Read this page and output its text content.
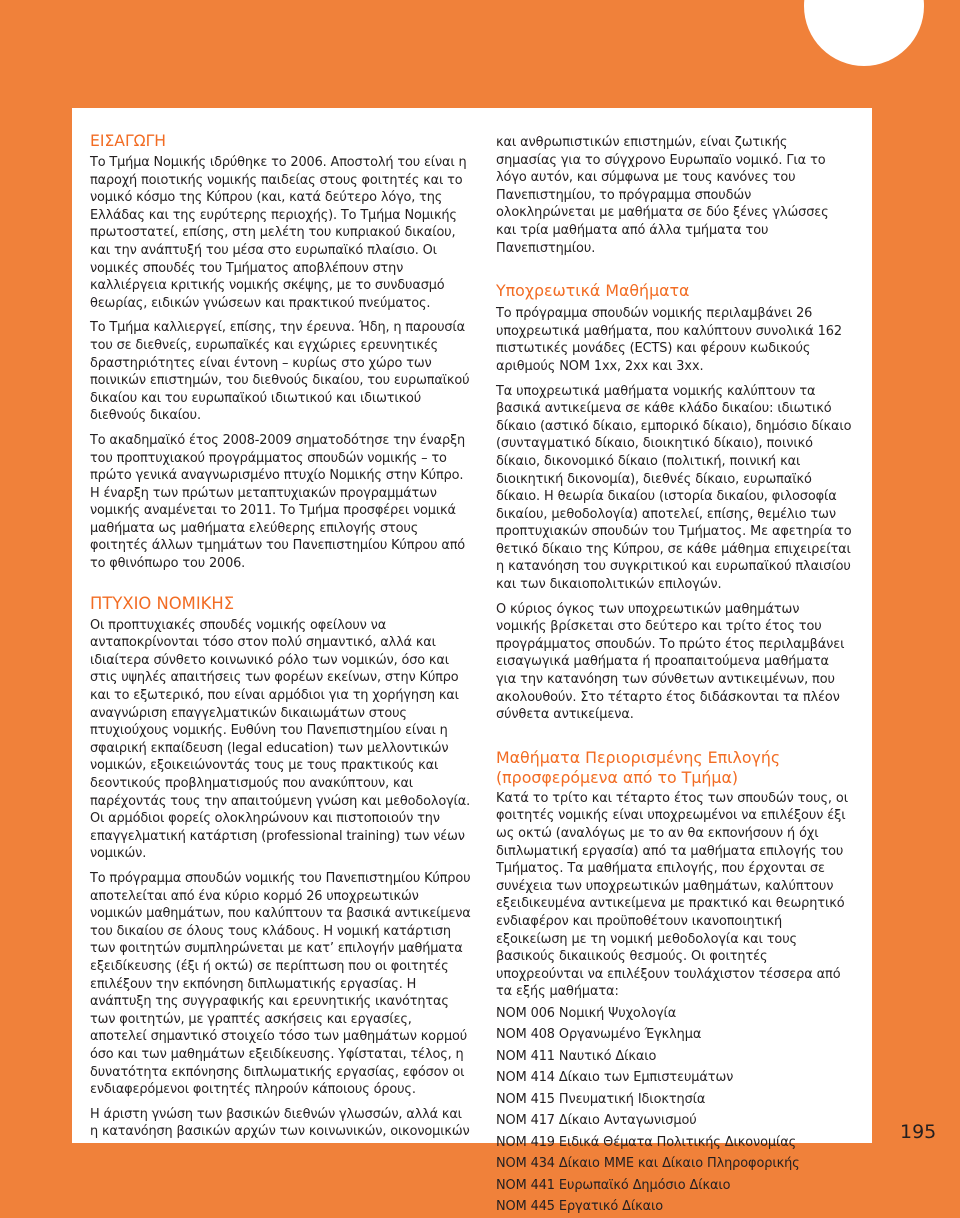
ΕΙΣΑΓΩΓΗ

Το Τμήμα Νομικής ιδρύθηκε το 2006. Αποστολή του είναι η παροχή ποιοτικής νομικής παιδείας στους φοιτητές και το νομικό κόσμο της Κύπρου (και, κατά δεύτερο λόγο, της Ελλάδας και της ευρύτερης περιοχής). Το Τμήμα Νομικής πρωτοστατεί, επίσης, στη μελέτη του κυπριακού δικαίου, και την ανάπτυξή του μέσα στο ευρωπαϊκό πλαίσιο. Οι νομικές σπουδές του Τμήματος αποβλέπουν στην καλλιέργεια κριτικής νομικής σκέψης, με το συνδυασμό θεωρίας, ειδικών γνώσεων και πρακτικού πνεύματος.

Το Τμήμα καλλιεργεί, επίσης, την έρευνα. Ήδη, η παρουσία του σε διεθνείς, ευρωπαϊκές και εγχώριες ερευνητικές δραστηριότητες είναι έντονη – κυρίως στο χώρο των ποινικών επιστημών, του διεθνούς δικαίου, του ευρωπαϊκού δικαίου και του ευρωπαϊκού ιδιωτικού και ιδιωτικού διεθνούς δικαίου.

Το ακαδημαϊκό έτος 2008-2009 σηματοδότησε την έναρξη του προπτυχιακού προγράμματος σπουδών νομικής – το πρώτο γενικά αναγνωρισμένο πτυχίο Νομικής στην Κύπρο. Η έναρξη των πρώτων μεταπτυχιακών προγραμμάτων νομικής αναμένεται το 2011. Το Τμήμα προσφέρει νομικά μαθήματα ως μαθήματα ελεύθερης επιλογής στους φοιτητές άλλων τμημάτων του Πανεπιστημίου Κύπρου από το φθινόπωρο του 2006.

ΠΤΥΧΙΟ ΝΟΜΙΚΗΣ

Οι προπτυχιακές σπουδές νομικής οφείλουν να ανταποκρίνονται τόσο στον πολύ σημαντικό, αλλά και ιδιαίτερα σύνθετο κοινωνικό ρόλο των νομικών, όσο και στις υψηλές απαιτήσεις των φορέων εκείνων, στην Κύπρο και το εξωτερικό, που είναι αρμόδιοι για τη χορήγηση και αναγνώριση επαγγελματικών δικαιωμάτων στους πτυχιούχους νομικής. Ευθύνη του Πανεπιστημίου είναι η σφαιρική εκπαίδευση (legal education) των μελλοντικών νομικών, εξοικειώνοντάς τους με τους πρακτικούς και δεοντικούς προβληματισμούς που ανακύπτουν, και παρέχοντάς τους την απαιτούμενη γνώση και μεθοδολογία. Οι αρμόδιοι φορείς ολοκληρώνουν και πιστοποιούν την επαγγελματική κατάρτιση (professional training) των νέων νομικών.

Το πρόγραμμα σπουδών νομικής του Πανεπιστημίου Κύπρου αποτελείται από ένα κύριο κορμό 26 υποχρεωτικών νομικών μαθημάτων, που καλύπτουν τα βασικά αντικείμενα του δικαίου σε όλους τους κλάδους. Η νομική κατάρτιση των φοιτητών συμπληρώνεται με κατ’ επιλογήν μαθήματα εξειδίκευσης (έξι ή οκτώ) σε περίπτωση που οι φοιτητές επιλέξουν την εκπόνηση διπλωματικής εργασίας. Η ανάπτυξη της συγγραφικής και ερευνητικής ικανότητας των φοιτητών, με γραπτές ασκήσεις και εργασίες, αποτελεί σημαντικό στοιχείο τόσο των μαθημάτων κορμού όσο και των μαθημάτων εξειδίκευσης. Υφίσταται, τέλος, η δυνατότητα εκπόνησης διπλωματικής εργασίας, εφόσον οι ενδιαφερόμενοι φοιτητές πληρούν κάποιους όρους.

Η άριστη γνώση των βασικών διεθνών γλωσσών, αλλά και η κατανόηση βασικών αρχών των κοινωνικών, οικονομικών

και ανθρωπιστικών επιστημών, είναι ζωτικής σημασίας για το σύγχρονο Ευρωπαϊο νομικό. Για το λόγο αυτόν, και σύμφωνα με τους κανόνες του Πανεπιστημίου, το πρόγραμμα σπουδών ολοκληρώνεται με μαθήματα σε δύο ξένες γλώσσες και τρία μαθήματα από άλλα τμήματα του Πανεπιστημίου.

Υποχρεωτικά Μαθήματα

Το πρόγραμμα σπουδών νομικής περιλαμβάνει 26 υποχρεωτικά μαθήματα, που καλύπτουν συνολικά 162 πιστωτικές μονάδες (ECTS) και φέρουν κωδικούς αριθμούς ΝΟΜ 1xx, 2xx και 3xx.

Τα υποχρεωτικά μαθήματα νομικής καλύπτουν τα βασικά αντικείμενα σε κάθε κλάδο δικαίου: ιδιωτικό δίκαιο (αστικό δίκαιο, εμπορικό δίκαιο), δημόσιο δίκαιο (συνταγματικό δίκαιο, διοικητικό δίκαιο), ποινικό δίκαιο, δικονομικό δίκαιο (πολιτική, ποινική και διοικητική δικονομία), διεθνές δίκαιο, ευρωπαϊκό δίκαιο. Η θεωρία δικαίου (ιστορία δικαίου, φιλοσοφία δικαίου, μεθοδολογία) αποτελεί, επίσης, θεμέλιο των προπτυχιακών σπουδών του Τμήματος. Με αφετηρία το θετικό δίκαιο της Κύπρου, σε κάθε μάθημα επιχειρείται η κατανόηση του συγκριτικού και ευρωπαϊκού πλαισίου και των δικαιοπολιτικών επιλογών.

Ο κύριος όγκος των υποχρεωτικών μαθημάτων νομικής βρίσκεται στο δεύτερο και τρίτο έτος του προγράμματος σπουδών. Το πρώτο έτος περιλαμβάνει εισαγωγικά μαθήματα ή προαπαιτούμενα μαθήματα για την κατανόηση των σύνθετων αντικειμένων, που ακολουθούν. Στο τέταρτο έτος διδάσκονται τα πλέον σύνθετα αντικείμενα.

Μαθήματα Περιορισμένης Επιλογής
(προσφερόμενα από το Τμήμα)

Κατά το τρίτο και τέταρτο έτος των σπουδών τους, οι φοιτητές νομικής είναι υποχρεωμένοι να επιλέξουν έξι ως οκτώ (αναλόγως με το αν θα εκπονήσουν ή όχι διπλωματική εργασία) από τα μαθήματα επιλογής του Τμήματος. Τα μαθήματα επιλογής, που έρχονται σε συνέχεια των υποχρεωτικών μαθημάτων, καλύπτουν εξειδικευμένα αντικείμενα με πρακτικό και θεωρητικό ενδιαφέρον και προϋποθέτουν ικανοποιητική εξοικείωση με τη νομική μεθοδολογία και τους βασικούς δικαιικούς θεσμούς. Οι φοιτητές υποχρεούνται να επιλέξουν τουλάχιστον τέσσερα από τα εξής μαθήματα:

ΝΟΜ 006 Νομική Ψυχολογία
ΝΟΜ 408 Οργανωμένο Έγκλημα
ΝΟΜ 411 Ναυτικό Δίκαιο
ΝΟΜ 414 Δίκαιο των Εμπιστευμάτων
ΝΟΜ 415 Πνευματική Ιδιοκτησία
ΝΟΜ 417 Δίκαιο Ανταγωνισμού
ΝΟΜ 419 Ειδικά Θέματα Πολιτικής Δικονομίας
ΝΟΜ 434 Δίκαιο ΜΜΕ και Δίκαιο Πληροφορικής
ΝΟΜ 441 Ευρωπαϊκό Δημόσιο Δίκαιο
ΝΟΜ 445 Εργατικό Δίκαιο
195
